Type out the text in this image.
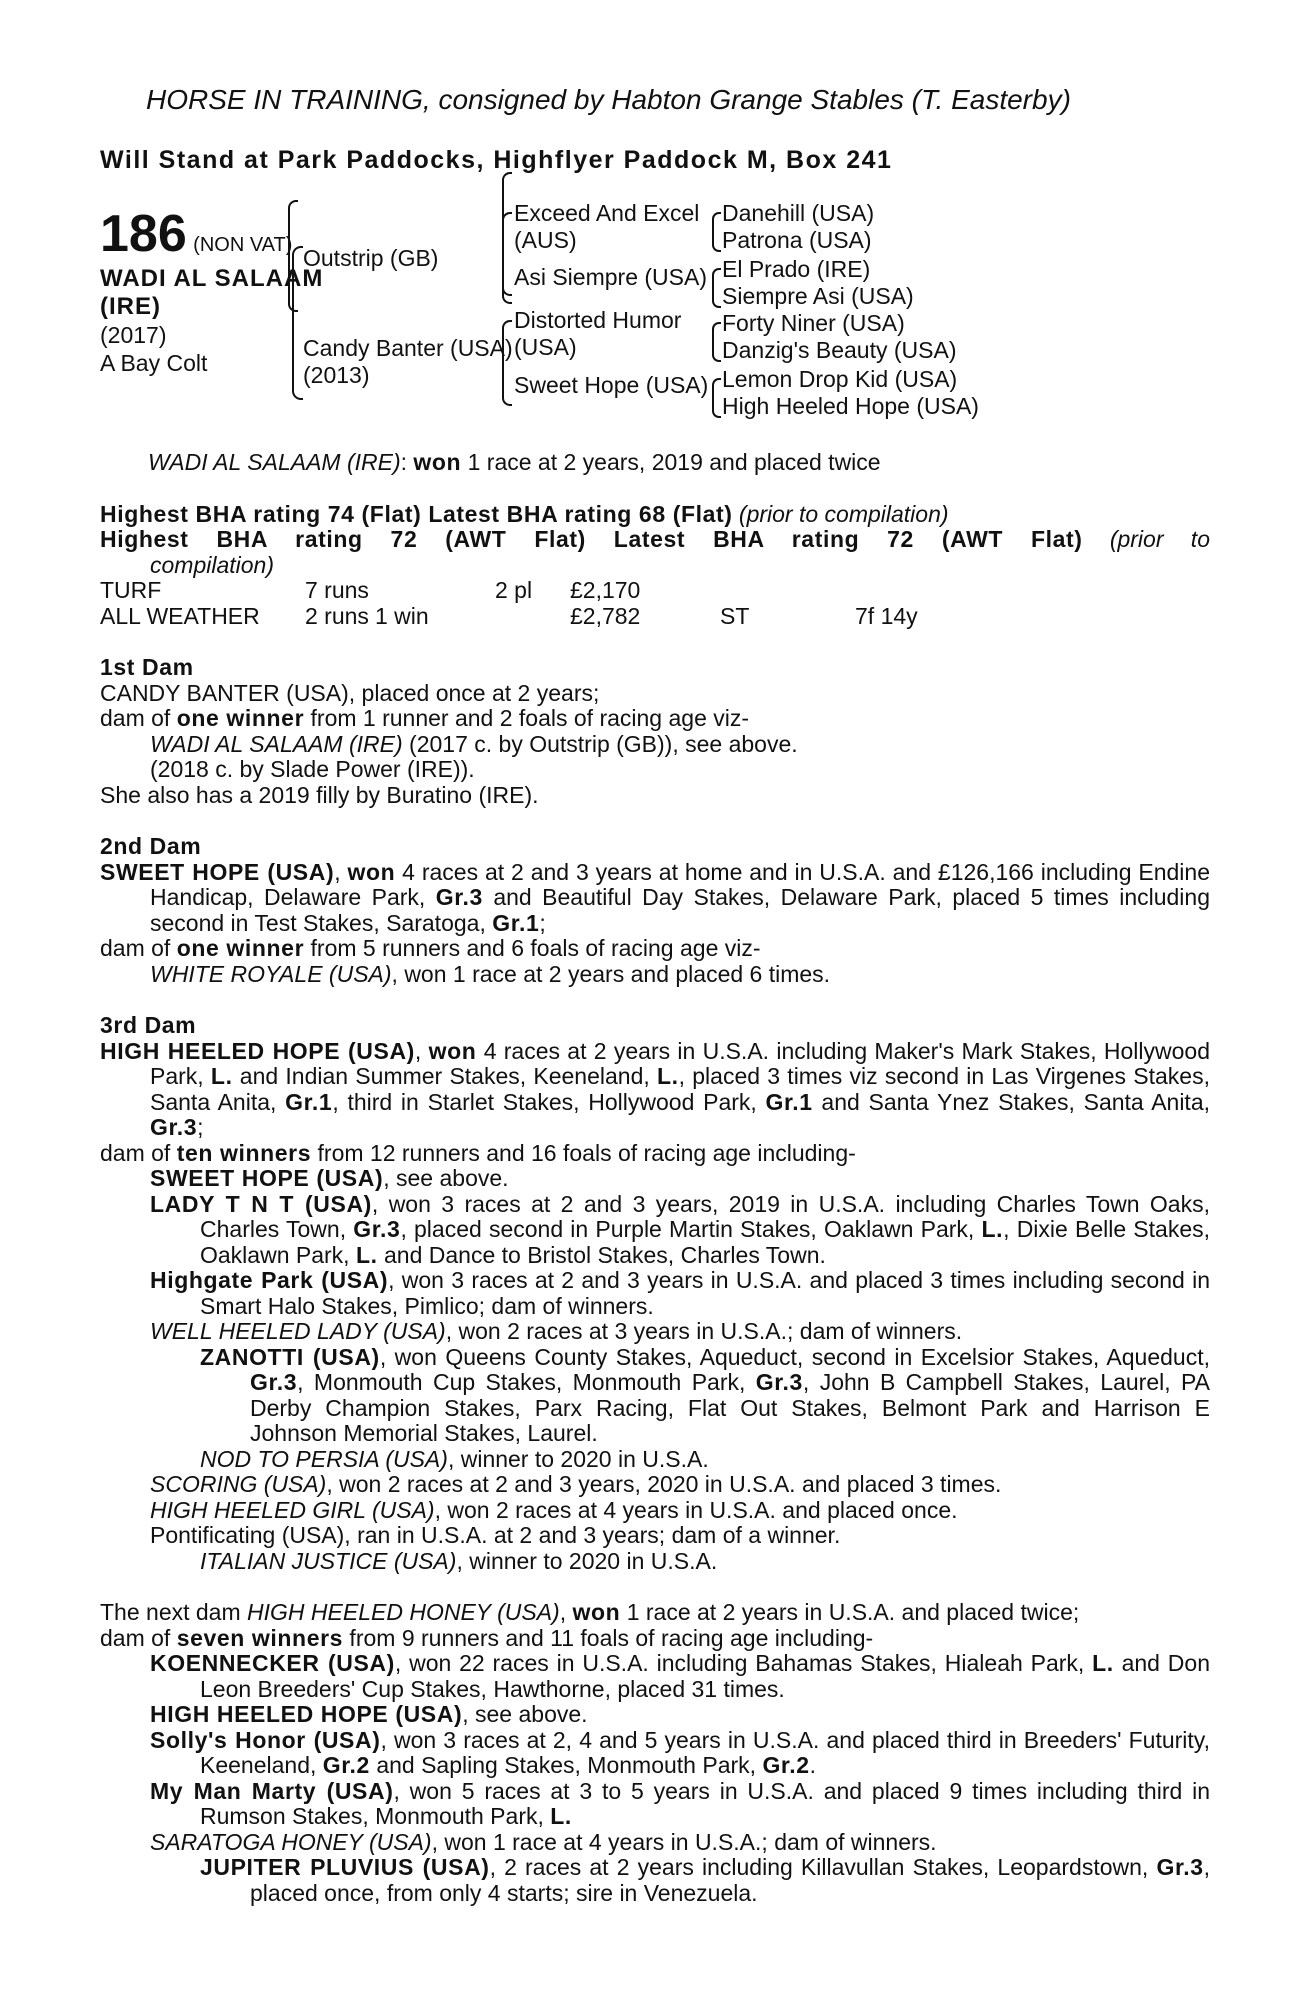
HORSE IN TRAINING, consigned by Habton Grange Stables (T. Easterby)
Will Stand at Park Paddocks, Highflyer Paddock M, Box 241
186 (NON VAT)
WADI AL SALAAM
(IRE)
(2017)
A Bay Colt
Outstrip (GB)
Candy Banter (USA)
(2013)
Exceed And Excel
(AUS)
Asi Siempre (USA)
Distorted Humor
(USA)
Sweet Hope (USA)
Danehill (USA)
Patrona (USA)
El Prado (IRE)
Siempre Asi (USA)
Forty Niner (USA)
Danzig's Beauty (USA)
Lemon Drop Kid (USA)
High Heeled Hope (USA)

WADI AL SALAAM (IRE): won 1 race at 2 years, 2019 and placed twice

Highest BHA rating 74 (Flat) Latest BHA rating 68 (Flat) (prior to compilation)

Highest BHA rating 72 (AWT Flat) Latest BHA rating 72 (AWT Flat) (prior to

compilation)

TURF	7 runs		2 pl	£2,170		
ALL WEATHER	2 runs	1 win		£2,782	ST	7f 14y

1st Dam

CANDY BANTER (USA), placed once at 2 years;

dam of one winner from 1 runner and 2 foals of racing age viz-

WADI AL SALAAM (IRE) (2017 c. by Outstrip (GB)), see above.

(2018 c. by Slade Power (IRE)).

She also has a 2019 filly by Buratino (IRE).

2nd Dam

SWEET HOPE (USA), won 4 races at 2 and 3 years at home and in U.S.A. and £126,166 including Endine Handicap, Delaware Park, Gr.3 and Beautiful Day Stakes, Delaware Park, placed 5 times including second in Test Stakes, Saratoga, Gr.1;

dam of one winner from 5 runners and 6 foals of racing age viz-

WHITE ROYALE (USA), won 1 race at 2 years and placed 6 times.

3rd Dam

HIGH HEELED HOPE (USA), won 4 races at 2 years in U.S.A. including Maker's Mark Stakes, Hollywood Park, L. and Indian Summer Stakes, Keeneland, L., placed 3 times viz second in Las Virgenes Stakes, Santa Anita, Gr.1, third in Starlet Stakes, Hollywood Park, Gr.1 and Santa Ynez Stakes, Santa Anita, Gr.3;

dam of ten winners from 12 runners and 16 foals of racing age including-

SWEET HOPE (USA), see above.

LADY T N T (USA), won 3 races at 2 and 3 years, 2019 in U.S.A. including Charles Town Oaks, Charles Town, Gr.3, placed second in Purple Martin Stakes, Oaklawn Park, L., Dixie Belle Stakes, Oaklawn Park, L. and Dance to Bristol Stakes, Charles Town.

Highgate Park (USA), won 3 races at 2 and 3 years in U.S.A. and placed 3 times including second in Smart Halo Stakes, Pimlico; dam of winners.

WELL HEELED LADY (USA), won 2 races at 3 years in U.S.A.; dam of winners.

ZANOTTI (USA), won Queens County Stakes, Aqueduct, second in Excelsior Stakes, Aqueduct, Gr.3, Monmouth Cup Stakes, Monmouth Park, Gr.3, John B Campbell Stakes, Laurel, PA Derby Champion Stakes, Parx Racing, Flat Out Stakes, Belmont Park and Harrison E Johnson Memorial Stakes, Laurel.

NOD TO PERSIA (USA), winner to 2020 in U.S.A.

SCORING (USA), won 2 races at 2 and 3 years, 2020 in U.S.A. and placed 3 times.

HIGH HEELED GIRL (USA), won 2 races at 4 years in U.S.A. and placed once.

Pontificating (USA), ran in U.S.A. at 2 and 3 years; dam of a winner.

ITALIAN JUSTICE (USA), winner to 2020 in U.S.A.

The next dam HIGH HEELED HONEY (USA), won 1 race at 2 years in U.S.A. and placed twice;

dam of seven winners from 9 runners and 11 foals of racing age including-

KOENNECKER (USA), won 22 races in U.S.A. including Bahamas Stakes, Hialeah Park, L. and Don Leon Breeders' Cup Stakes, Hawthorne, placed 31 times.

HIGH HEELED HOPE (USA), see above.

Solly's Honor (USA), won 3 races at 2, 4 and 5 years in U.S.A. and placed third in Breeders' Futurity, Keeneland, Gr.2 and Sapling Stakes, Monmouth Park, Gr.2.

My Man Marty (USA), won 5 races at 3 to 5 years in U.S.A. and placed 9 times including third in Rumson Stakes, Monmouth Park, L.

SARATOGA HONEY (USA), won 1 race at 4 years in U.S.A.; dam of winners.

JUPITER PLUVIUS (USA), 2 races at 2 years including Killavullan Stakes, Leopardstown, Gr.3, placed once, from only 4 starts; sire in Venezuela.
